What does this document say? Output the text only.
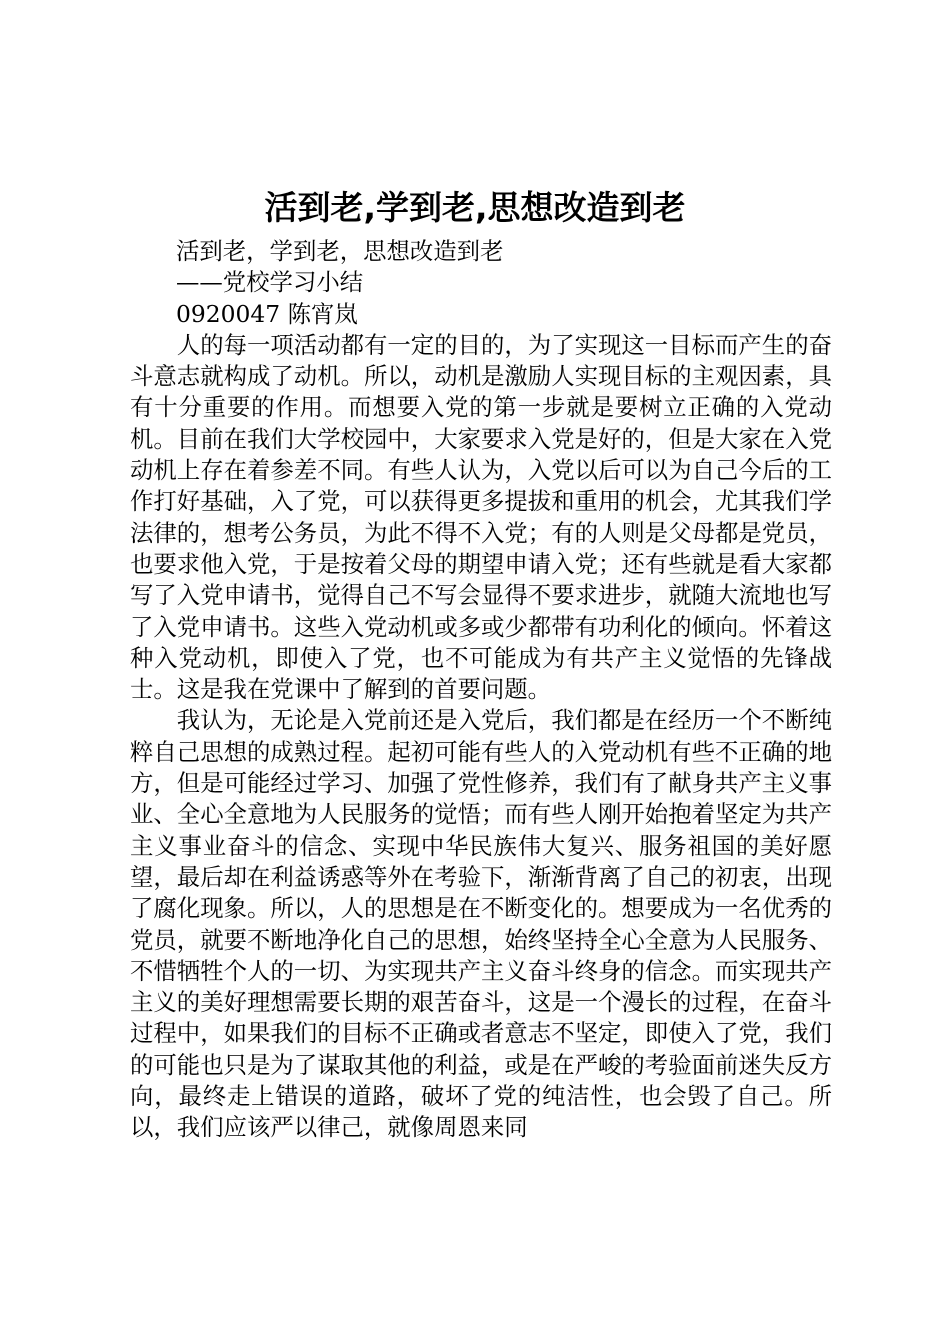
活到老,学到老,思想改造到老
活到老，学到老，思想改造到老
——党校学习小结
0920047 陈宵岚

人的每一项活动都有一定的目的，为了实现这一目标而产生的奋斗意志就构成了动机。所以，动机是激励人实现目标的主观因素，具有十分重要的作用。而想要入党的第一步就是要树立正确的入党动机。目前在我们大学校园中，大家要求入党是好的，但是大家在入党动机上存在着参差不同。有些人认为，入党以后可以为自己今后的工作打好基础，入了党，可以获得更多提拔和重用的机会，尤其我们学法律的，想考公务员，为此不得不入党；有的人则是父母都是党员，也要求他入党，于是按着父母的期望申请入党；还有些就是看大家都写了入党申请书，觉得自己不写会显得不要求进步，就随大流地也写了入党申请书。这些入党动机或多或少都带有功利化的倾向。怀着这种入党动机，即使入了党，也不可能成为有共产主义觉悟的先锋战士。这是我在党课中了解到的首要问题。

我认为，无论是入党前还是入党后，我们都是在经历一个不断纯粹自己思想的成熟过程。起初可能有些人的入党动机有些不正确的地方，但是可能经过学习、加强了党性修养，我们有了献身共产主义事业、全心全意地为人民服务的觉悟；而有些人刚开始抱着坚定为共产主义事业奋斗的信念、实现中华民族伟大复兴、服务祖国的美好愿望，最后却在利益诱惑等外在考验下，渐渐背离了自己的初衷，出现了腐化现象。所以，人的思想是在不断变化的。想要成为一名优秀的党员，就要不断地净化自己的思想，始终坚持全心全意为人民服务、不惜牺牲个人的一切、为实现共产主义奋斗终身的信念。而实现共产主义的美好理想需要长期的艰苦奋斗，这是一个漫长的过程，在奋斗过程中，如果我们的目标不正确或者意志不坚定，即使入了党，我们的可能也只是为了谋取其他的利益，或是在严峻的考验面前迷失反方向，最终走上错误的道路，破坏了党的纯洁性，也会毁了自己。所以，我们应该严以律己，就像周恩来同
